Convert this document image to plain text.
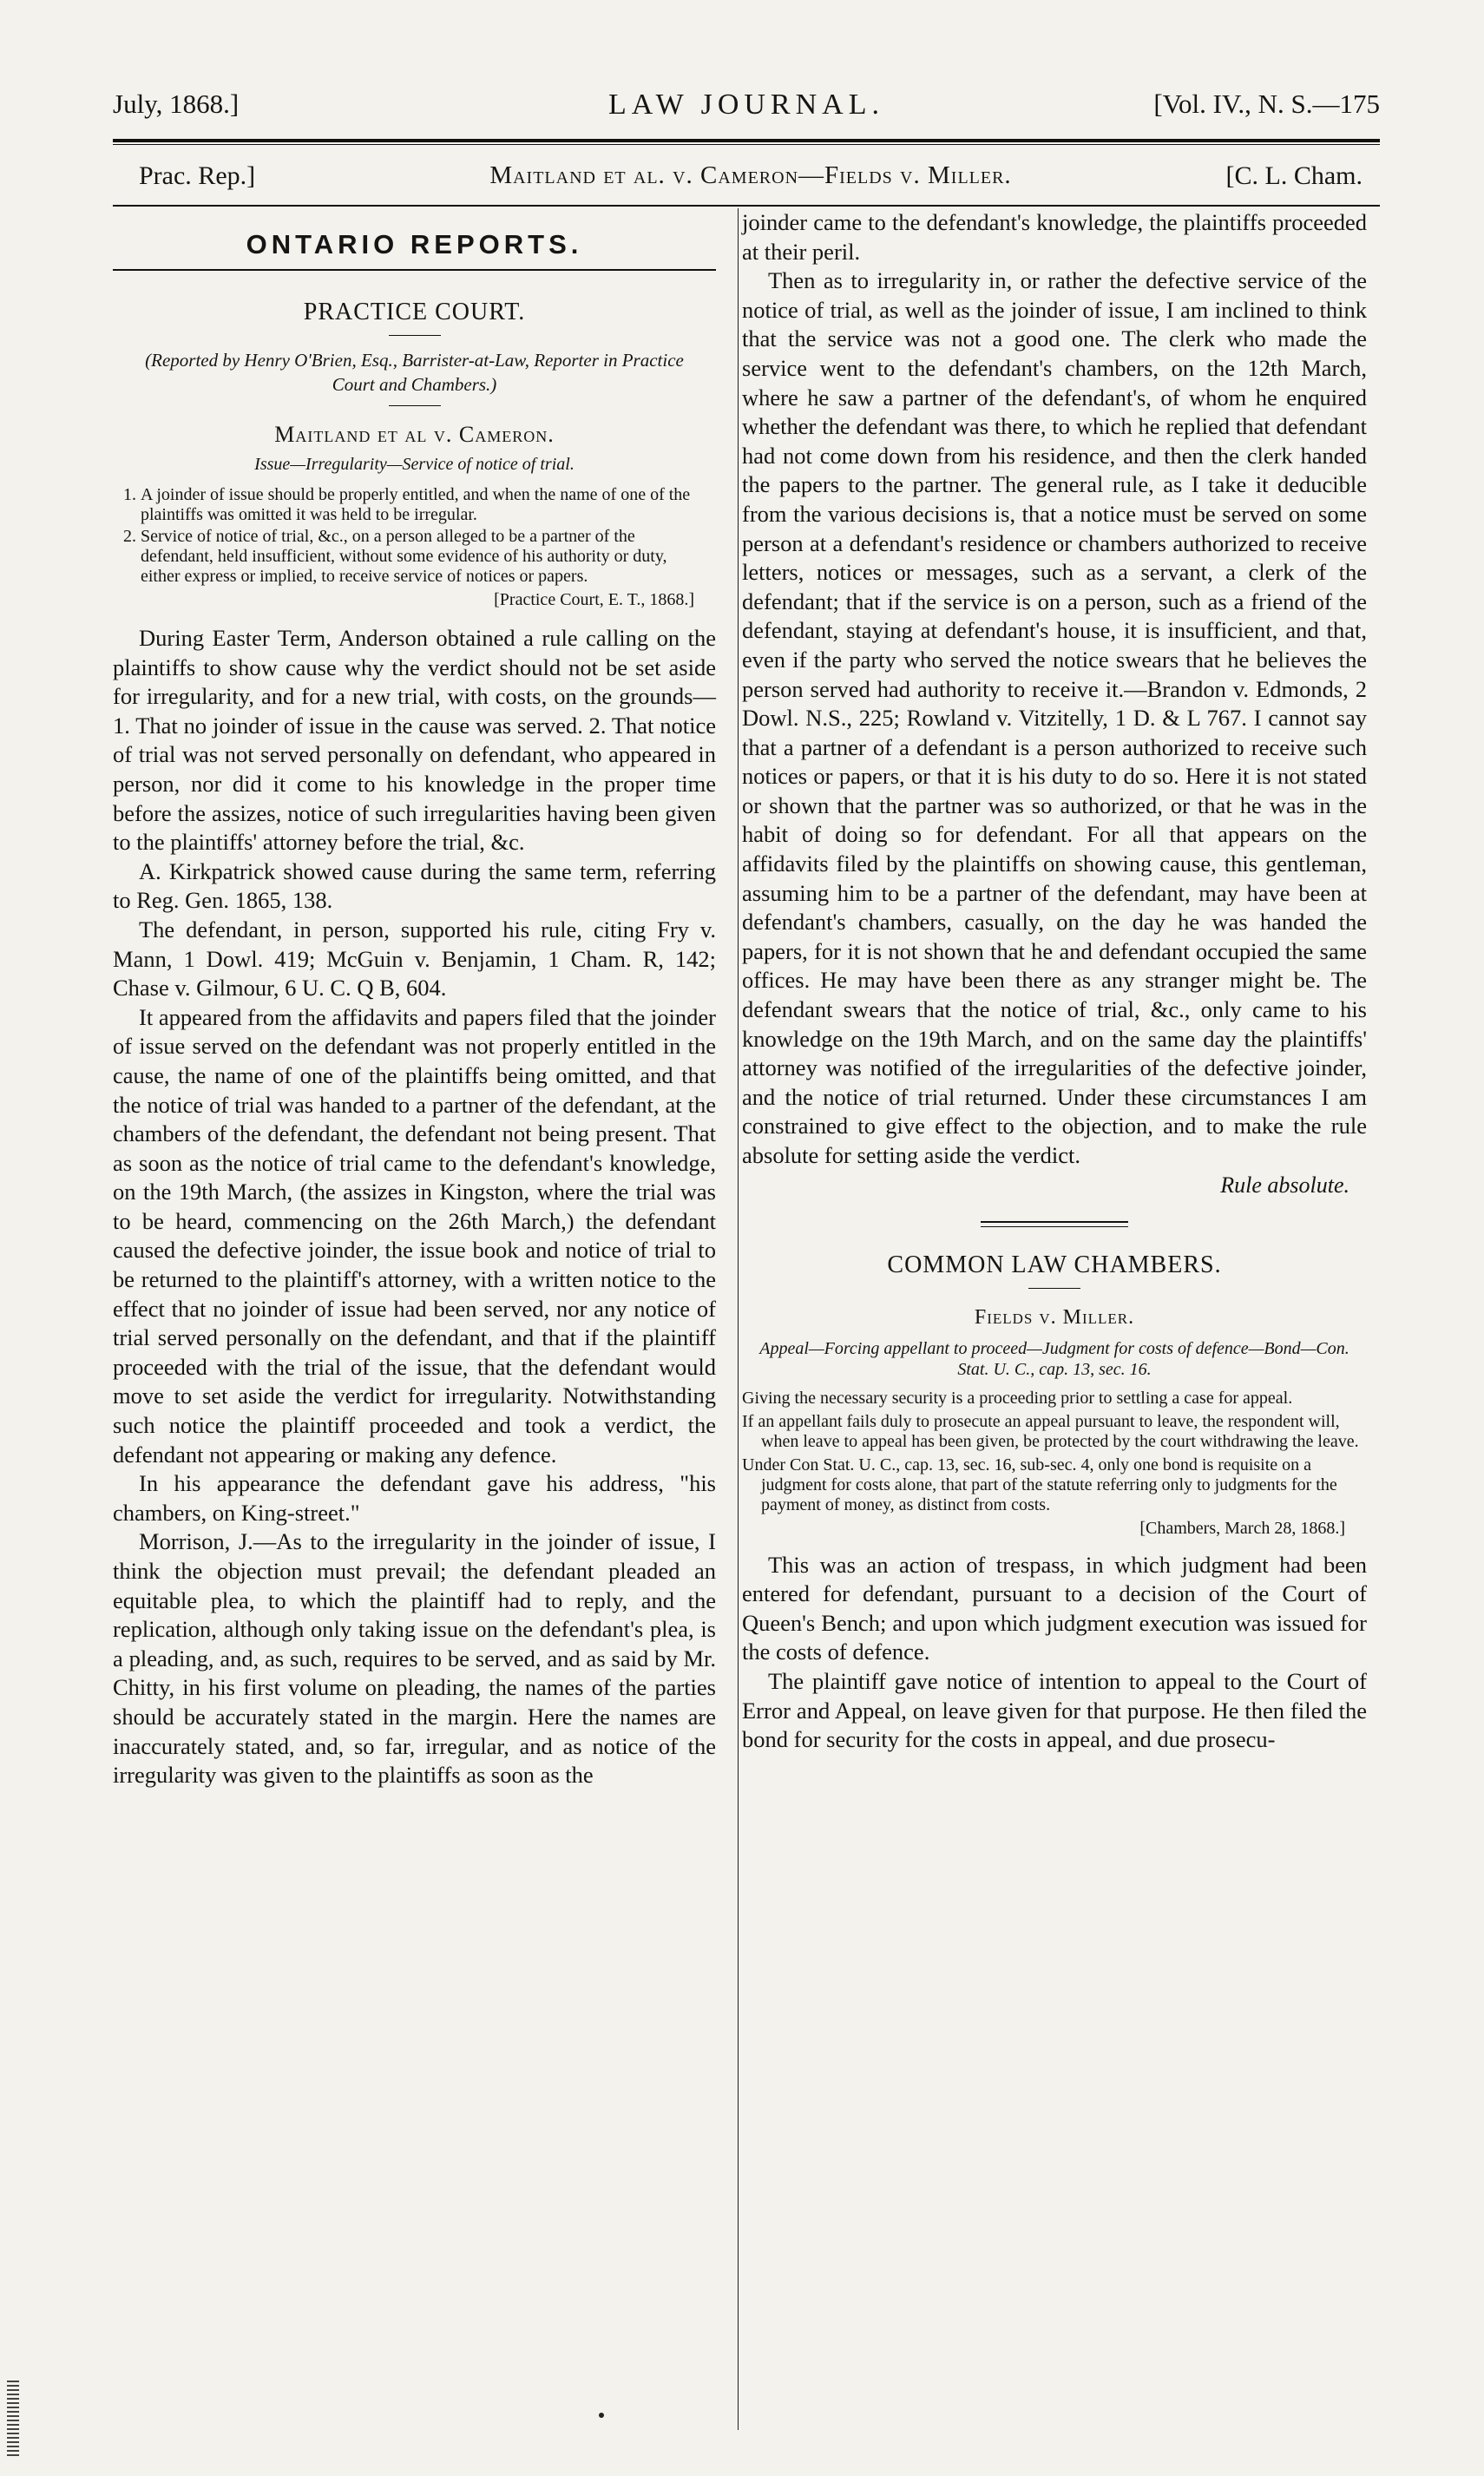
July, 1868.]	LAW JOURNAL.	[Vol. IV., N. S.—175
Prac. Rep.]	Maitland et al. v. Cameron—Fields v. Miller.	[C. L. Cham.
ONTARIO REPORTS.
PRACTICE COURT.
(Reported by Henry O'Brien, Esq., Barrister-at-Law, Reporter in Practice Court and Chambers.)
Maitland et al v. Cameron.
Issue—Irregularity—Service of notice of trial.
1. A joinder of issue should be properly entitled, and when the name of one of the plaintiffs was omitted it was held to be irregular.
2. Service of notice of trial, &c., on a person alleged to be a partner of the defendant, held insufficient, without some evidence of his authority or duty, either express or implied, to receive service of notices or papers.
[Practice Court, E. T., 1868.]

During Easter Term, Anderson obtained a rule calling on the plaintiffs to show cause why the verdict should not be set aside for irregularity, and for a new trial, with costs, on the grounds—1. That no joinder of issue in the cause was served. 2. That notice of trial was not served personally on defendant, who appeared in person, nor did it come to his knowledge in the proper time before the assizes, notice of such irregularities having been given to the plaintiffs' attorney before the trial, &c.

A. Kirkpatrick showed cause during the same term, referring to Reg. Gen. 1865, 138.

The defendant, in person, supported his rule, citing Fry v. Mann, 1 Dowl. 419; McGuin v. Benjamin, 1 Cham. R, 142; Chase v. Gilmour, 6 U. C. Q B, 604.

It appeared from the affidavits and papers filed that the joinder of issue served on the defendant was not properly entitled in the cause, the name of one of the plaintiffs being omitted, and that the notice of trial was handed to a partner of the defendant, at the chambers of the defendant, the defendant not being present. That as soon as the notice of trial came to the defendant's knowledge, on the 19th March, (the assizes in Kingston, where the trial was to be heard, commencing on the 26th March,) the defendant caused the defective joinder, the issue book and notice of trial to be returned to the plaintiff's attorney, with a written notice to the effect that no joinder of issue had been served, nor any notice of trial served personally on the defendant, and that if the plaintiff proceeded with the trial of the issue, that the defendant would move to set aside the verdict for irregularity. Notwithstanding such notice the plaintiff proceeded and took a verdict, the defendant not appearing or making any defence.

In his appearance the defendant gave his address, "his chambers, on King-street."

Morrison, J.—As to the irregularity in the joinder of issue, I think the objection must prevail; the defendant pleaded an equitable plea, to which the plaintiff had to reply, and the replication, although only taking issue on the defendant's plea, is a pleading, and, as such, requires to be served, and as said by Mr. Chitty, in his first volume on pleading, the names of the parties should be accurately stated in the margin. Here the names are inaccurately stated, and, so far, irregular, and as notice of the irregularity was given to the plaintiffs as soon as the

joinder came to the defendant's knowledge, the plaintiffs proceeded at their peril.

Then as to irregularity in, or rather the defective service of the notice of trial, as well as the joinder of issue, I am inclined to think that the service was not a good one. The clerk who made the service went to the defendant's chambers, on the 12th March, where he saw a partner of the defendant's, of whom he enquired whether the defendant was there, to which he replied that defendant had not come down from his residence, and then the clerk handed the papers to the partner. The general rule, as I take it deducible from the various decisions is, that a notice must be served on some person at a defendant's residence or chambers authorized to receive letters, notices or messages, such as a servant, a clerk of the defendant; that if the service is on a person, such as a friend of the defendant, staying at defendant's house, it is insufficient, and that, even if the party who served the notice swears that he believes the person served had authority to receive it.—Brandon v. Edmonds, 2 Dowl. N.S., 225; Rowland v. Vitzitelly, 1 D. & L 767. I cannot say that a partner of a defendant is a person authorized to receive such notices or papers, or that it is his duty to do so. Here it is not stated or shown that the partner was so authorized, or that he was in the habit of doing so for defendant. For all that appears on the affidavits filed by the plaintiffs on showing cause, this gentleman, assuming him to be a partner of the defendant, may have been at defendant's chambers, casually, on the day he was handed the papers, for it is not shown that he and defendant occupied the same offices. He may have been there as any stranger might be. The defendant swears that the notice of trial, &c., only came to his knowledge on the 19th March, and on the same day the plaintiffs' attorney was notified of the irregularities of the defective joinder, and the notice of trial returned. Under these circumstances I am constrained to give effect to the objection, and to make the rule absolute for setting aside the verdict.

Rule absolute.
COMMON LAW CHAMBERS.
Fields v. Miller.
Appeal—Forcing appellant to proceed—Judgment for costs of defence—Bond—Con. Stat. U. C., cap. 13, sec. 16.
Giving the necessary security is a proceeding prior to settling a case for appeal.
If an appellant fails duly to prosecute an appeal pursuant to leave, the respondent will, when leave to appeal has been given, be protected by the court withdrawing the leave.
Under Con Stat. U. C., cap. 13, sec. 16, sub-sec. 4, only one bond is requisite on a judgment for costs alone, that part of the statute referring only to judgments for the payment of money, as distinct from costs.
[Chambers, March 28, 1868.]

This was an action of trespass, in which judgment had been entered for defendant, pursuant to a decision of the Court of Queen's Bench; and upon which judgment execution was issued for the costs of defence.

The plaintiff gave notice of intention to appeal to the Court of Error and Appeal, on leave given for that purpose. He then filed the bond for security for the costs in appeal, and due prosecu-
